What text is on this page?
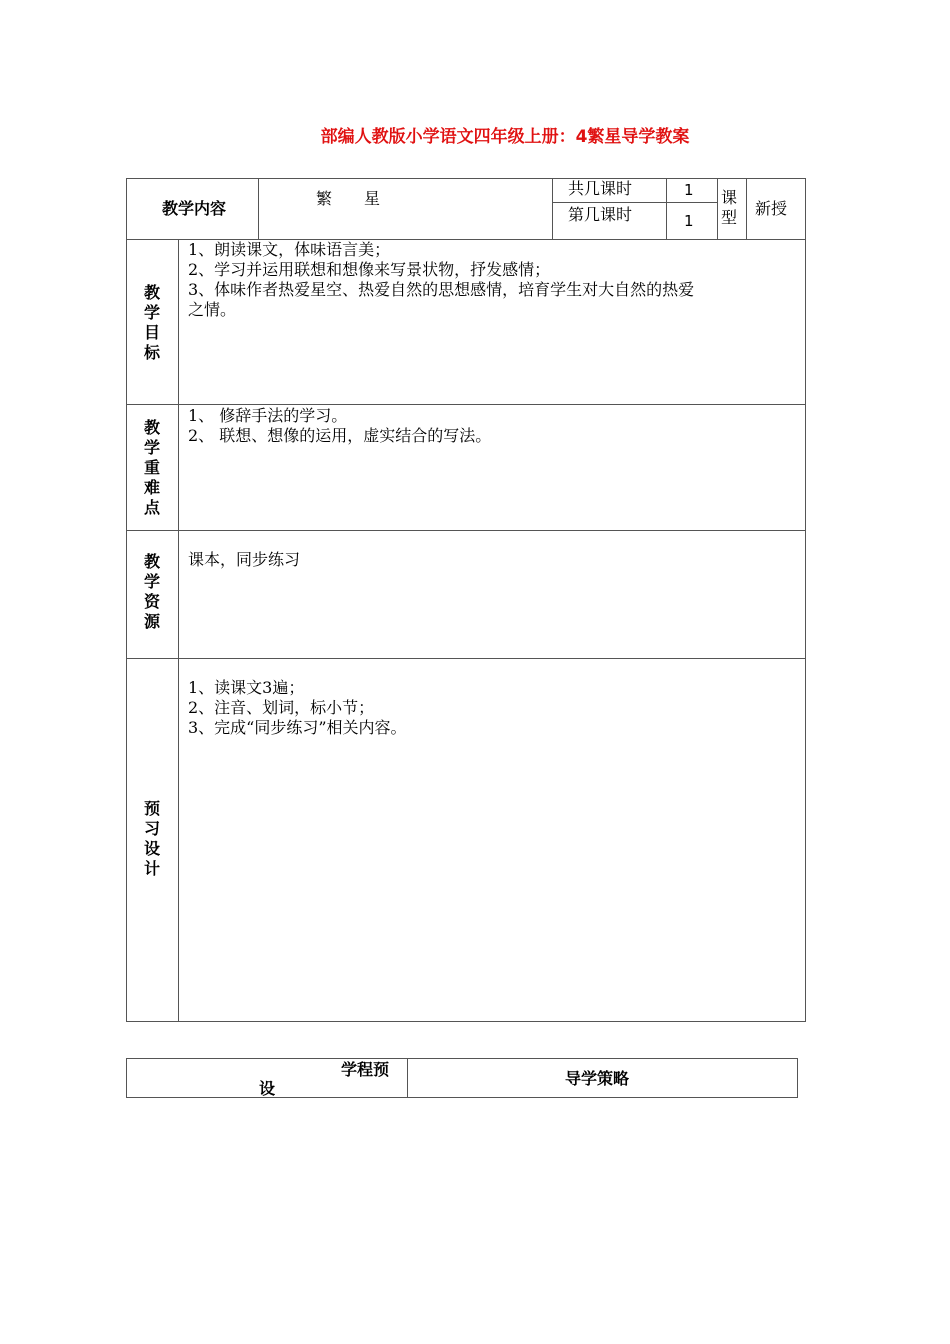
部编人教版小学语文四年级上册：4繁星导学教案
教学内容
繁　　星
共几课时	1
第几课时	1
课型 新授
教学目标
教学重难点
教学资源
预习设计
1、朗读课文，体味语言美；
2、学习并运用联想和想像来写景状物，抒发感情；
3、体味作者热爱星空、热爱自然的思想感情，培育学生对大自然的热爱
之情。
1、 修辞手法的学习。
2、 联想、想像的运用，虚实结合的写法。
课本，同步练习
1、读课文3遍；
2、注音、划词，标小节；
3、完成“同步练习”相关内容。
学程预
设
导学策略
